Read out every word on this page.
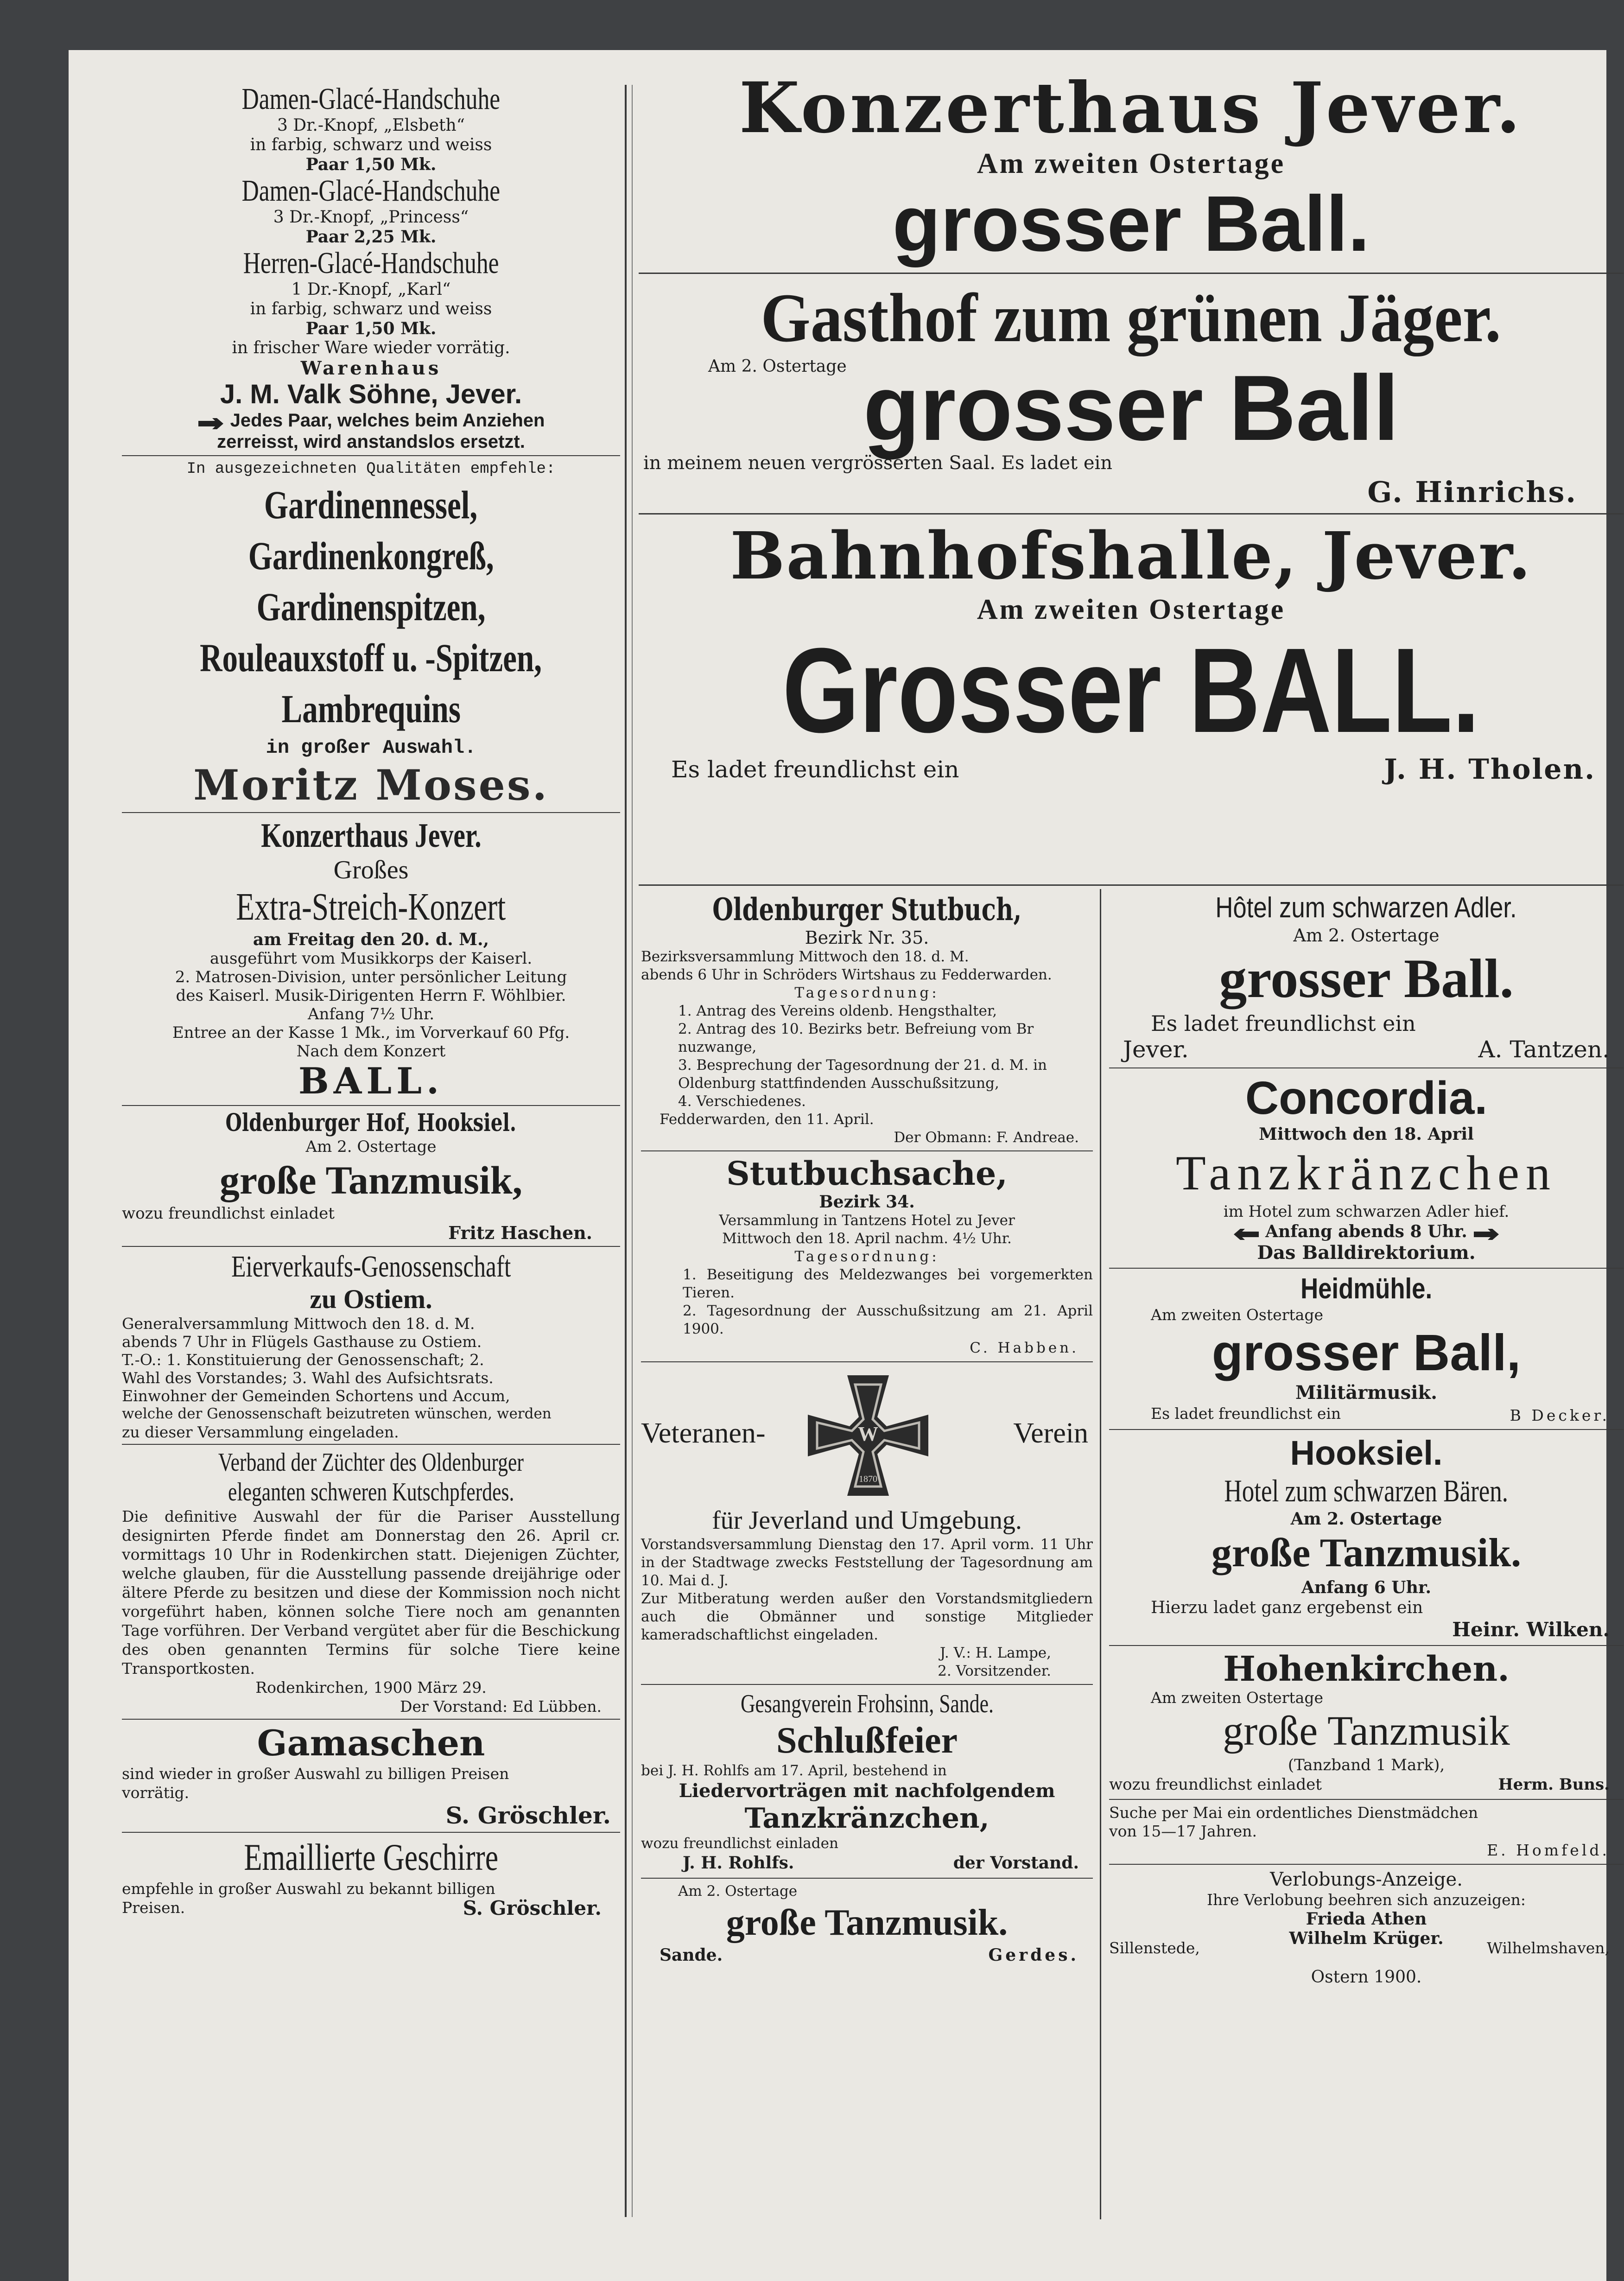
Damen-Glacé-Handschuhe
3 Dr.-Knopf, „Elsbeth“
in farbig, schwarz und weiss
Paar 1,50 Mk.
Damen-Glacé-Handschuhe
3 Dr.-Knopf, „Princess“
Paar 2,25 Mk.
Herren-Glacé-Handschuhe
1 Dr.-Knopf, „Karl“
in farbig, schwarz und weiss
Paar 1,50 Mk.
in frischer Ware wieder vorrätig.
Warenhaus
J. M. Valk Söhne, Jever.
Jedes Paar, welches beim Anziehen
zerreisst, wird anstandslos ersetzt.
In ausgezeichneten Qualitäten empfehle:
Gardinennessel,
Gardinenkongreß,
Gardinenspitzen,
Rouleauxstoff u. -Spitzen,
Lambrequins
in großer Auswahl.
Moritz Moses.
Konzerthaus Jever.
Großes
Extra-Streich-Konzert
am Freitag den 20. d. M.,
ausgeführt vom Musikkorps der Kaiserl.
2. Matrosen-Division, unter persönlicher Leitung
des Kaiserl. Musik-Dirigenten Herrn F. Wöhlbier.
Anfang 7½ Uhr.
Entree an der Kasse 1 Mk., im Vorverkauf 60 Pfg.
Nach dem Konzert
BALL.
Oldenburger Hof, Hooksiel.
Am 2. Ostertage
große Tanzmusik,
wozu freundlichst einladet
Fritz Haschen.
Eierverkaufs-Genossenschaft
zu Ostiem.
Generalversammlung Mittwoch den 18. d. M.
abends 7 Uhr in Flügels Gasthause zu Ostiem.
T.-O.: 1. Konstituierung der Genossenschaft; 2.
Wahl des Vorstandes; 3. Wahl des Aufsichtsrats.
Einwohner der Gemeinden Schortens und Accum,
welche der Genossenschaft beizutreten wünschen, werden
zu dieser Versammlung eingeladen.
Verband der Züchter des Oldenburger
eleganten schweren Kutschpferdes.
Die definitive Auswahl der für die Pariser Ausstellung designirten Pferde findet am Donnerstag den 26. April cr. vormittags 10 Uhr in Rodenkirchen statt. Diejenigen Züchter, welche glauben, für die Ausstellung passende dreijährige oder ältere Pferde zu besitzen und diese der Kommission noch nicht vorgeführt haben, können solche Tiere noch am genannten Tage vorführen. Der Verband vergütet aber für die Beschickung des oben genannten Termins für solche Tiere keine Transportkosten.
Rodenkirchen, 1900 März 29.
Der Vorstand: Ed Lübben.
Gamaschen
sind wieder in großer Auswahl zu billigen Preisen
vorrätig.
S. Gröschler.
Emaillierte Geschirre
empfehle in großer Auswahl zu bekannt billigen
Preisen.	S. Gröschler.
Konzerthaus Jever.
Am zweiten Ostertage
grosser Ball.
Gasthof zum grünen Jäger.
Am 2. Ostertage grosser Ball
in meinem neuen vergrösserten Saal. Es ladet ein
G. Hinrichs.
Bahnhofshalle, Jever.
Am zweiten Ostertage
Grosser BALL.
Es ladet freundlichst ein	J. H. Tholen.
Oldenburger Stutbuch,
Bezirk Nr. 35.
Bezirksversammlung Mittwoch den 18. d. M.
abends 6 Uhr in Schröders Wirtshaus zu Fedderwarden.
Tagesordnung:
1. Antrag des Vereins oldenb. Hengsthalter,
2. Antrag des 10. Bezirks betr. Befreiung vom Br nuzwange,
3. Besprechung der Tagesordnung der 21. d. M. in Oldenburg stattfindenden Ausschußsitzung,
4. Verschiedenes.
Fedderwarden, den 11. April.
Der Obmann: F. Andreae.
Stutbuchsache,
Bezirk 34.
Versammlung in Tantzens Hotel zu Jever
Mittwoch den 18. April nachm. 4½ Uhr.
Tagesordnung:
1. Beseitigung des Meldezwanges bei vorgemerkten Tieren.
2. Tagesordnung der Ausschußsitzung am 21. April 1900.
C. Habben.
Veteranen-	W
1870
Verein
für Jeverland und Umgebung.
Vorstandsversammlung Dienstag den 17. April vorm. 11 Uhr in der Stadtwage zwecks Feststellung der Tagesordnung am 10. Mai d. J.
Zur Mitberatung werden außer den Vorstandsmitgliedern auch die Obmänner und sonstige Mitglieder kameradschaftlichst eingeladen.
J. V.: H. Lampe,
2. Vorsitzender.
Gesangverein Frohsinn, Sande.
Schlußfeier
bei J. H. Rohlfs am 17. April, bestehend in
Liedervorträgen mit nachfolgendem
Tanzkränzchen,
wozu freundlichst einladen
J. H. Rohlfs.	der Vorstand.
Am 2. Ostertage
große Tanzmusik.
Sande.	Gerdes.
Hôtel zum schwarzen Adler.
Am 2. Ostertage
grosser Ball.
Es ladet freundlichst ein
Jever.	A. Tantzen.
Concordia.
Mittwoch den 18. April
Tanzkränzchen
im Hotel zum schwarzen Adler hief.
Anfang abends 8 Uhr.
Das Balldirektorium.
Heidmühle.
Am zweiten Ostertage
grosser Ball,
Militärmusik.
Es ladet freundlichst ein	B Decker.
Hooksiel.
Hotel zum schwarzen Bären.
Am 2. Ostertage
große Tanzmusik.
Anfang 6 Uhr.
Hierzu ladet ganz ergebenst ein
Heinr. Wilken.
Hohenkirchen.
Am zweiten Ostertage
große Tanzmusik
(Tanzband 1 Mark),
wozu freundlichst einladet	Herm. Buns.
Suche per Mai ein ordentliches Dienstmädchen
von 15—17 Jahren.
E. Homfeld.
Verlobungs-Anzeige.
Ihre Verlobung beehren sich anzuzeigen:
Frieda Athen
Wilhelm Krüger.
Sillenstede,	Wilhelmshaven,
Ostern 1900.
